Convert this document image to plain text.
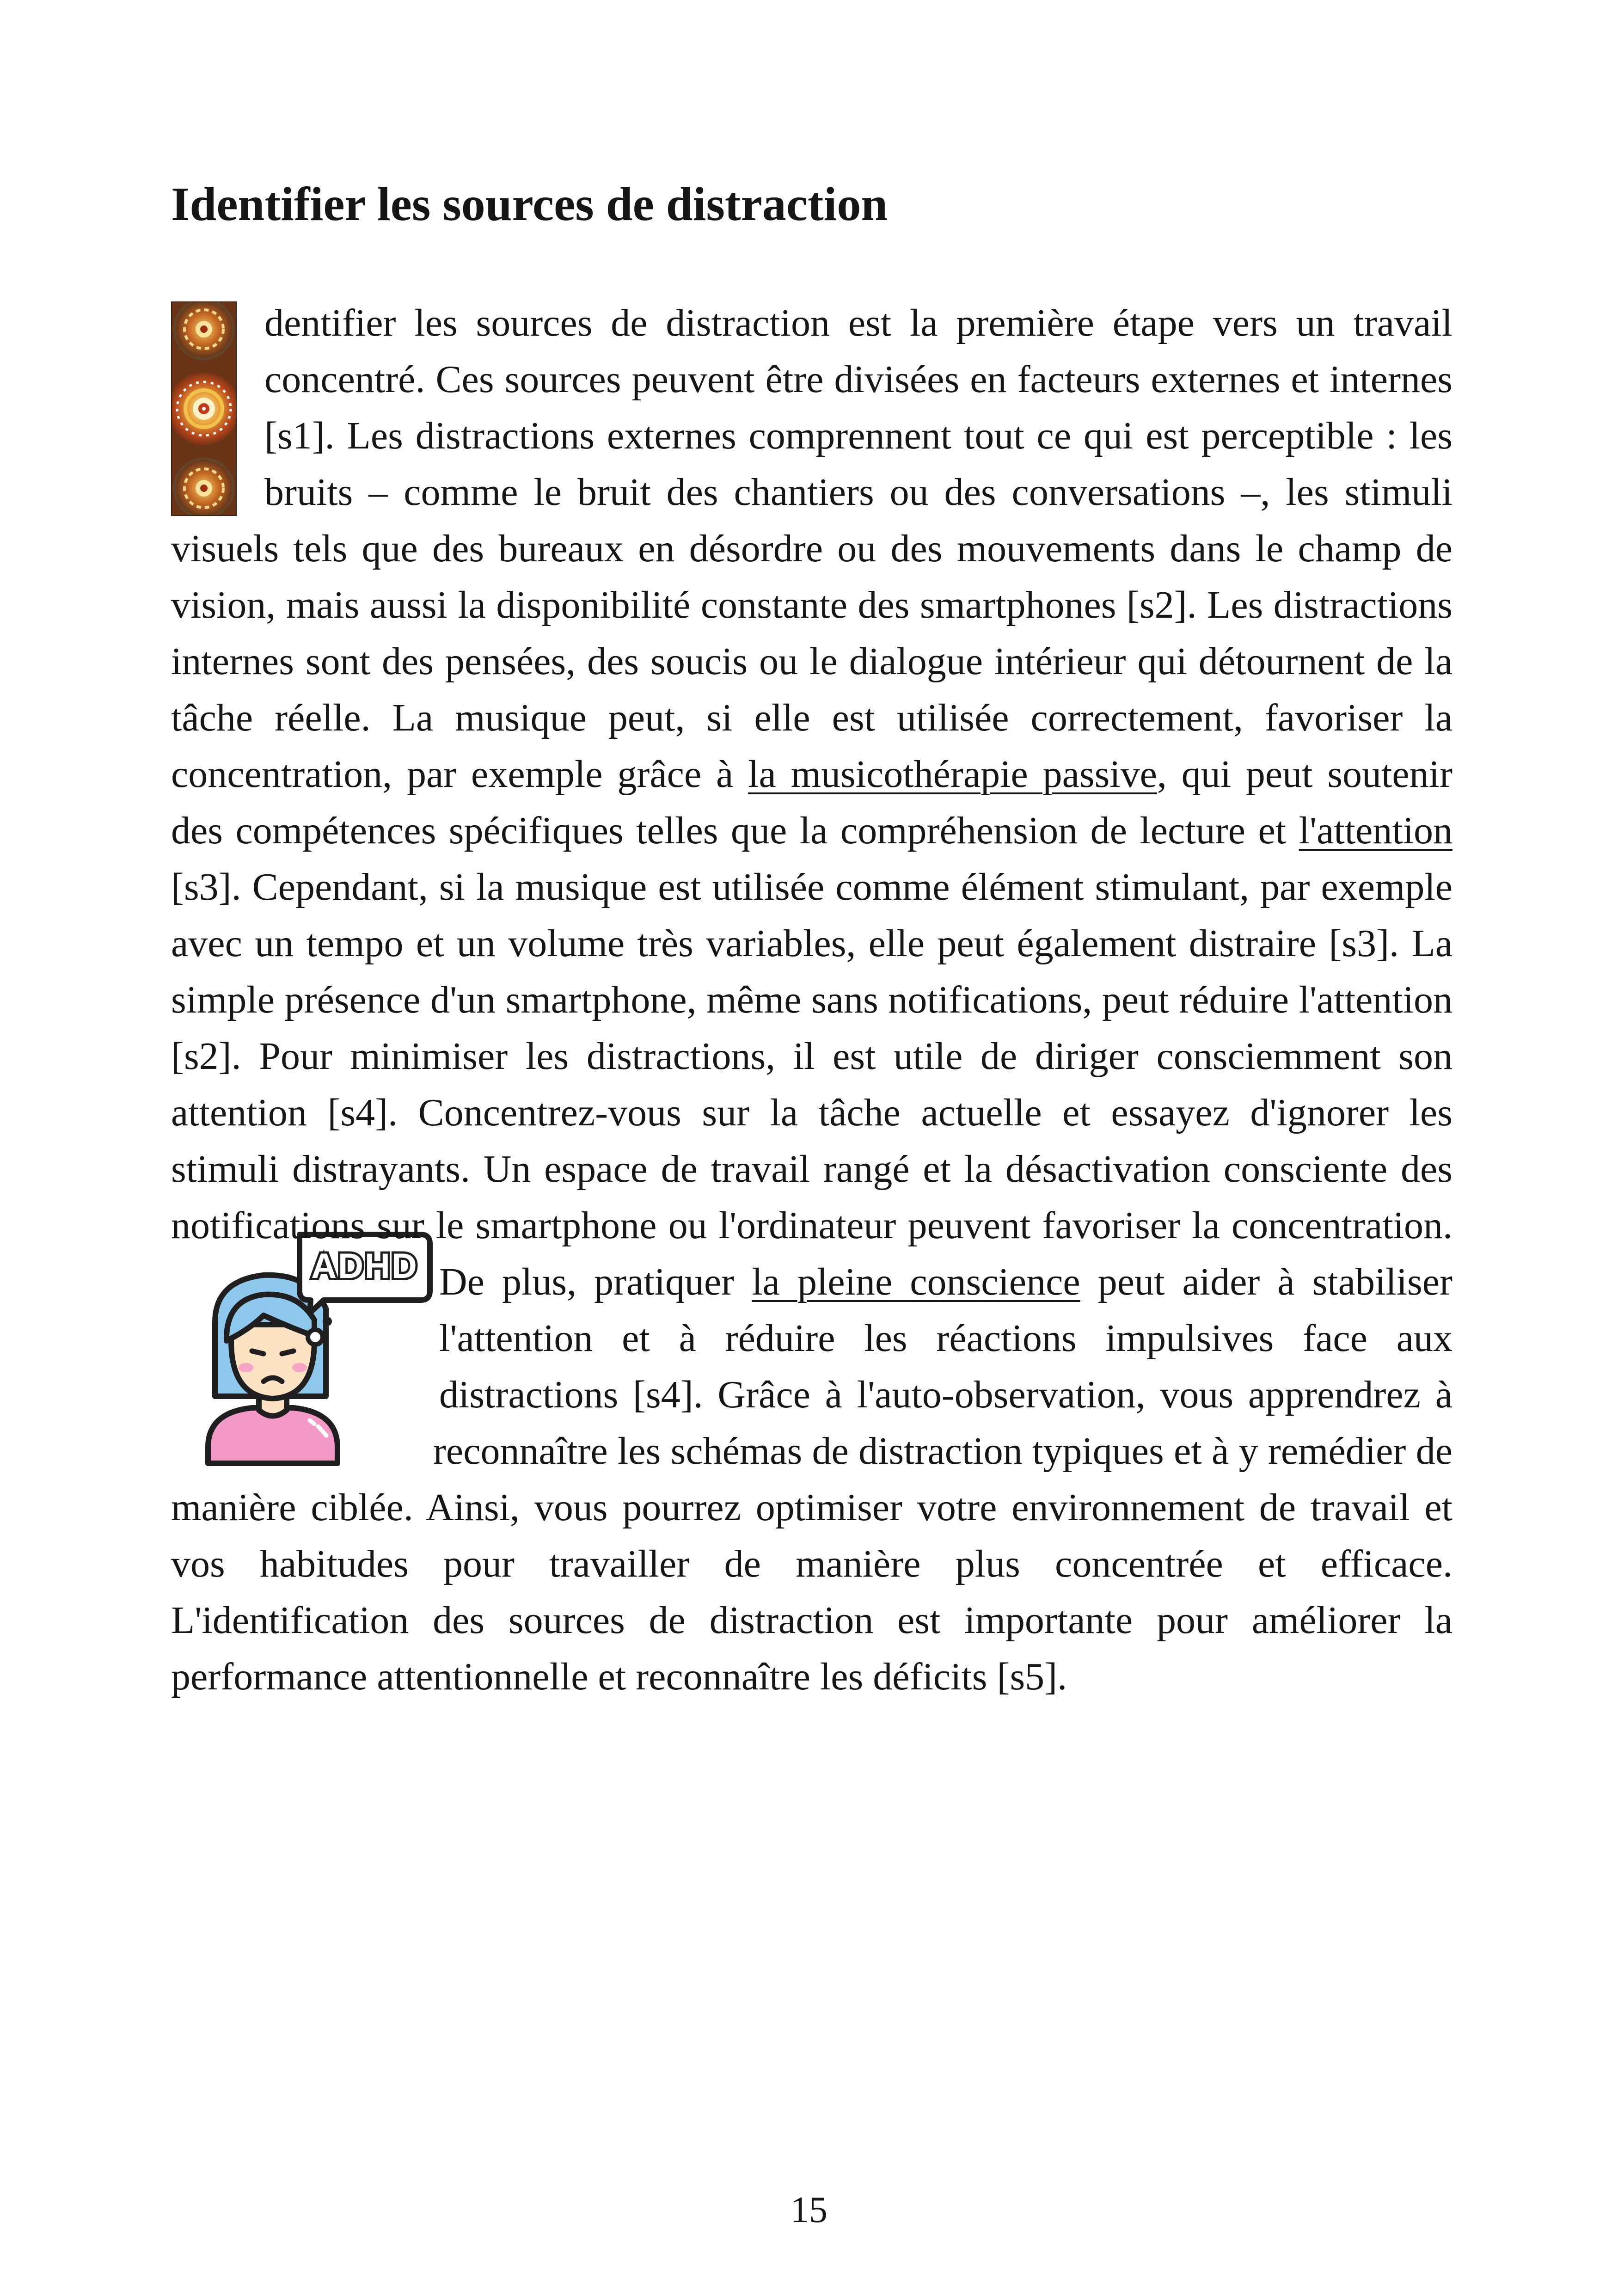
Identifier les sources de distraction

dentifier les sources de distraction est la première étape vers un travail concentré. Ces sources peuvent être divisées en facteurs externes et internes [s1]. Les distractions externes comprennent tout ce qui est perceptible : les bruits – comme le bruit des chantiers ou des conversations –, les stimuli visuels tels que des bureaux en désordre ou des mouvements dans le champ de vision, mais aussi la disponibilité constante des smartphones [s2]. Les distractions internes sont des pensées, des soucis ou le dialogue intérieur qui détournent de la tâche réelle. La musique peut, si elle est utilisée correctement, favoriser la concentration, par exemple grâce à la musicothérapie passive, qui peut soutenir des compétences spécifiques telles que la compréhension de lecture et l'attention [s3]. Cependant, si la musique est utilisée comme élément stimulant, par exemple avec un tempo et un volume très variables, elle peut également distraire [s3]. La simple présence d'un smartphone, même sans notifications, peut réduire l'attention [s2]. Pour minimiser les distractions, il est utile de diriger consciemment son attention [s4]. Concentrez-vous sur la tâche actuelle et essayez d'ignorer les stimuli distrayants. Un espace de travail rangé et la désactivation consciente des notifications sur le
ADHD
smartphone ou l'ordinateur peuvent favoriser la concentration. De plus, pratiquer la pleine conscience peut aider à stabiliser l'attention et à réduire les réactions impulsives face aux distractions [s4]. Grâce à l'auto-observation, vous apprendrez à reconnaître les schémas de distraction typiques et à y remédier de manière ciblée. Ainsi, vous pourrez optimiser votre environnement de travail et vos habitudes pour travailler de manière plus concentrée et efficace. L'identification des sources de distraction est importante pour améliorer la performance attentionnelle et reconnaître les déficits [s5].

15
